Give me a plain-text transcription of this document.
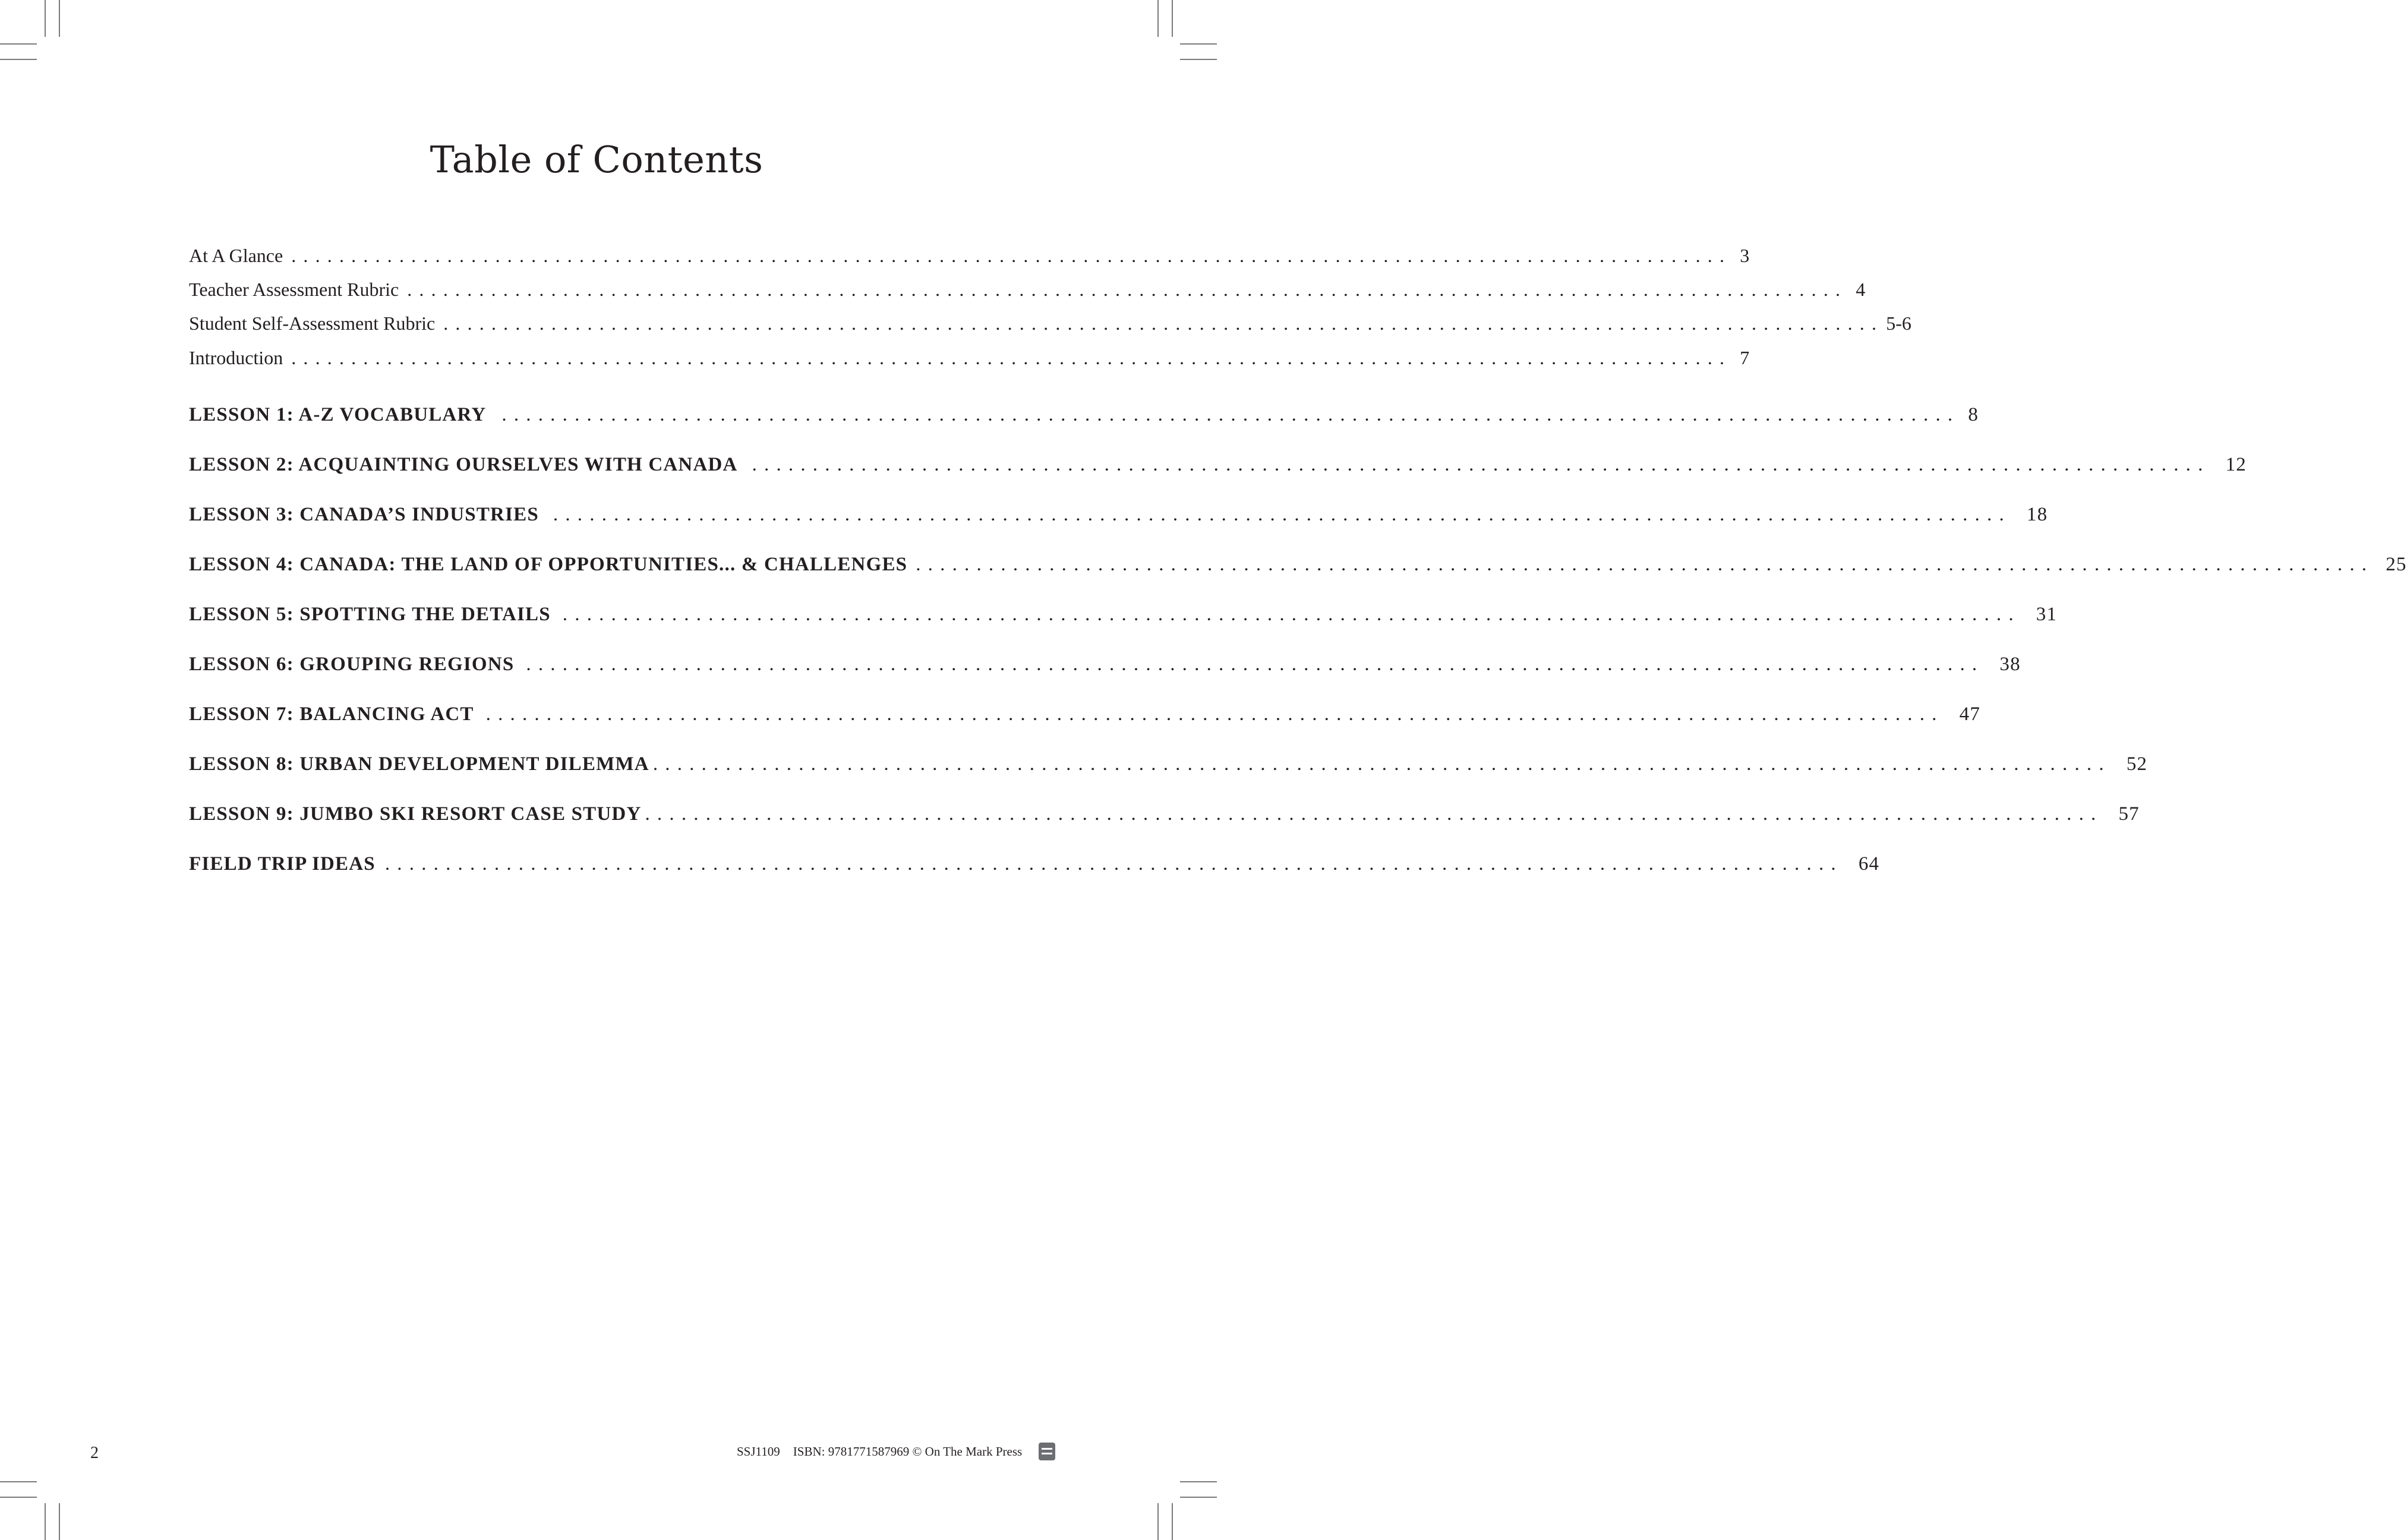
Table of Contents
At A Glance ........................................................................................................................ 3
Teacher Assessment Rubric ........................................................................................................................ 4
Student Self-Assessment Rubric ........................................................................................................................ 5-6
Introduction ........................................................................................................................ 7
LESSON 1: A-Z VOCABULARY ........................................................................................................................ 8
LESSON 2: ACQUAINTING OURSELVES WITH CANADA ........................................................................................................................ 12
LESSON 3: CANADA’S INDUSTRIES ........................................................................................................................ 18
LESSON 4: CANADA: THE LAND OF OPPORTUNITIES... & CHALLENGES ........................................................................................................................ 25
LESSON 5: SPOTTING THE DETAILS ........................................................................................................................ 31
LESSON 6: GROUPING REGIONS ........................................................................................................................ 38
LESSON 7: BALANCING ACT ........................................................................................................................ 47
LESSON 8: URBAN DEVELOPMENT DILEMMA ........................................................................................................................ 52
LESSON 9: JUMBO SKI RESORT CASE STUDY ........................................................................................................................ 57
FIELD TRIP IDEAS ........................................................................................................................ 64
2	SSJ1109 ISBN: 9781771587969 © On The Mark Press
